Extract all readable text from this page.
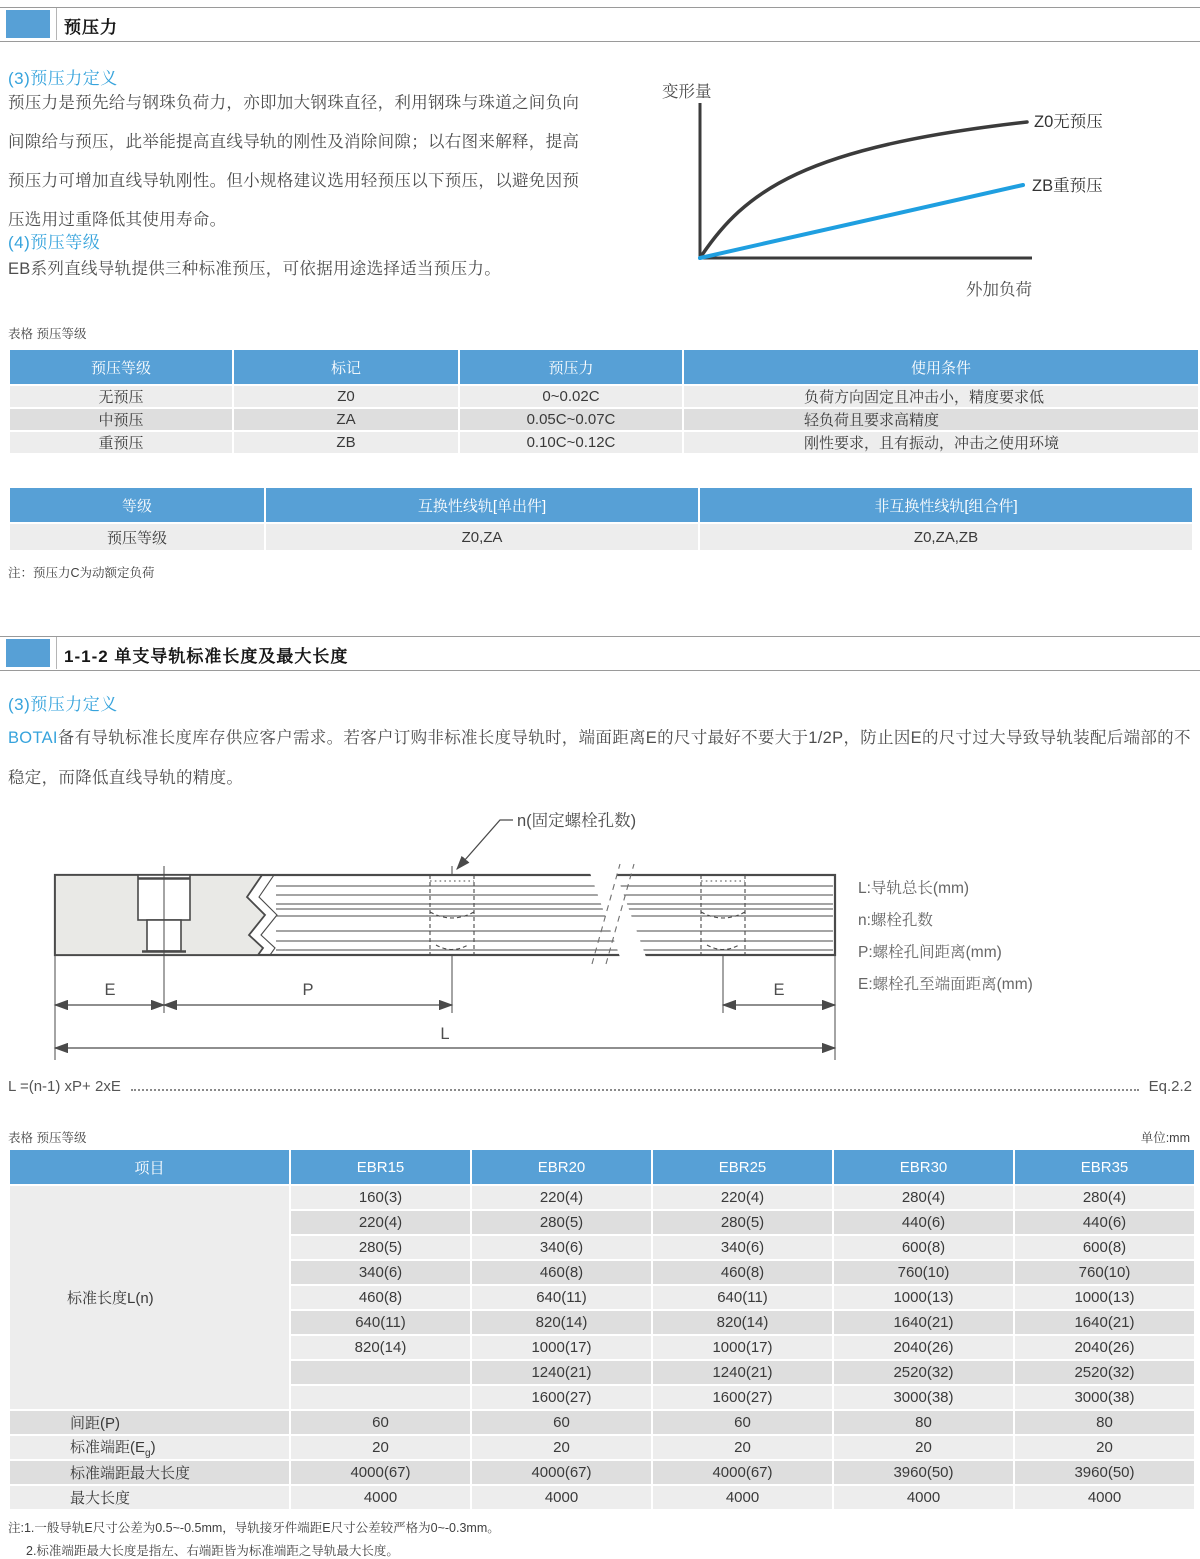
预压力
(3)预压力定义
预压力是预先给与钢珠负荷力，亦即加大钢珠直径，利用钢珠与珠道之间负向间隙给与预压，此举能提高直线导轨的刚性及消除间隙；以右图来解释，提高预压力可增加直线导轨刚性。但小规格建议选用轻预压以下预压，以避免因预压选用过重降低其使用寿命。
(4)预压等级
EB系列直线导轨提供三种标准预压，可依据用途选择适当预压力。
变形量
Z0无预压
ZB重预压
外加负荷
表格 预压等级
预压等级	标记	预压力	使用条件
无预压	Z0	0~0.02C	负荷方向固定且冲击小，精度要求低
中预压	ZA	0.05C~0.07C	轻负荷且要求高精度
重预压	ZB	0.10C~0.12C	刚性要求，且有振动，冲击之使用环境
等级	互换性线轨[单出件]	非互换性线轨[组合件]
预压等级	Z0,ZA	Z0,ZA,ZB
注：预压力C为动额定负荷
1-1-2 单支导轨标准长度及最大长度
(3)预压力定义
BOTAI备有导轨标准长度库存供应客户需求。若客户订购非标准长度导轨时，端面距离E的尺寸最好不要大于1/2P，防止因E的尺寸过大导致导轨装配后端部的不稳定，而降低直线导轨的精度。
n(固定螺栓孔数)
E	P	E
L
L:导轨总长(mm)
n:螺栓孔数
P:螺栓孔间距离(mm)
E:螺栓孔至端面距离(mm)
L =(n-1) xP+ 2xE	Eq.2.2
表格 预压等级	单位:mm
项目	EBR15	EBR20	EBR25	EBR30	EBR35
标准长度L(n)	160(3)	220(4)	220(4)	280(4)	280(4)
	220(4)	280(5)	280(5)	440(6)	440(6)
	280(5)	340(6)	340(6)	600(8)	600(8)
	340(6)	460(8)	460(8)	760(10)	760(10)
	460(8)	640(11)	640(11)	1000(13)	1000(13)
	640(11)	820(14)	820(14)	1640(21)	1640(21)
	820(14)	1000(17)	1000(17)	2040(26)	2040(26)
		1240(21)	1240(21)	2520(32)	2520(32)
		1600(27)	1600(27)	3000(38)	3000(38)
间距(P)	60	60	60	80	80
标准端距$(E_g)$	20	20	20	20	20
标准端距最大长度	4000(67)	4000(67)	4000(67)	3960(50)	3960(50)
最大长度	4000	4000	4000	4000	4000
注:1.一般导轨E尺寸公差为0.5~-0.5mm，导轨接牙件端距E尺寸公差较严格为0~-0.3mm。
2.标准端距最大长度是指左、右端距皆为标准端距之导轨最大长度。
